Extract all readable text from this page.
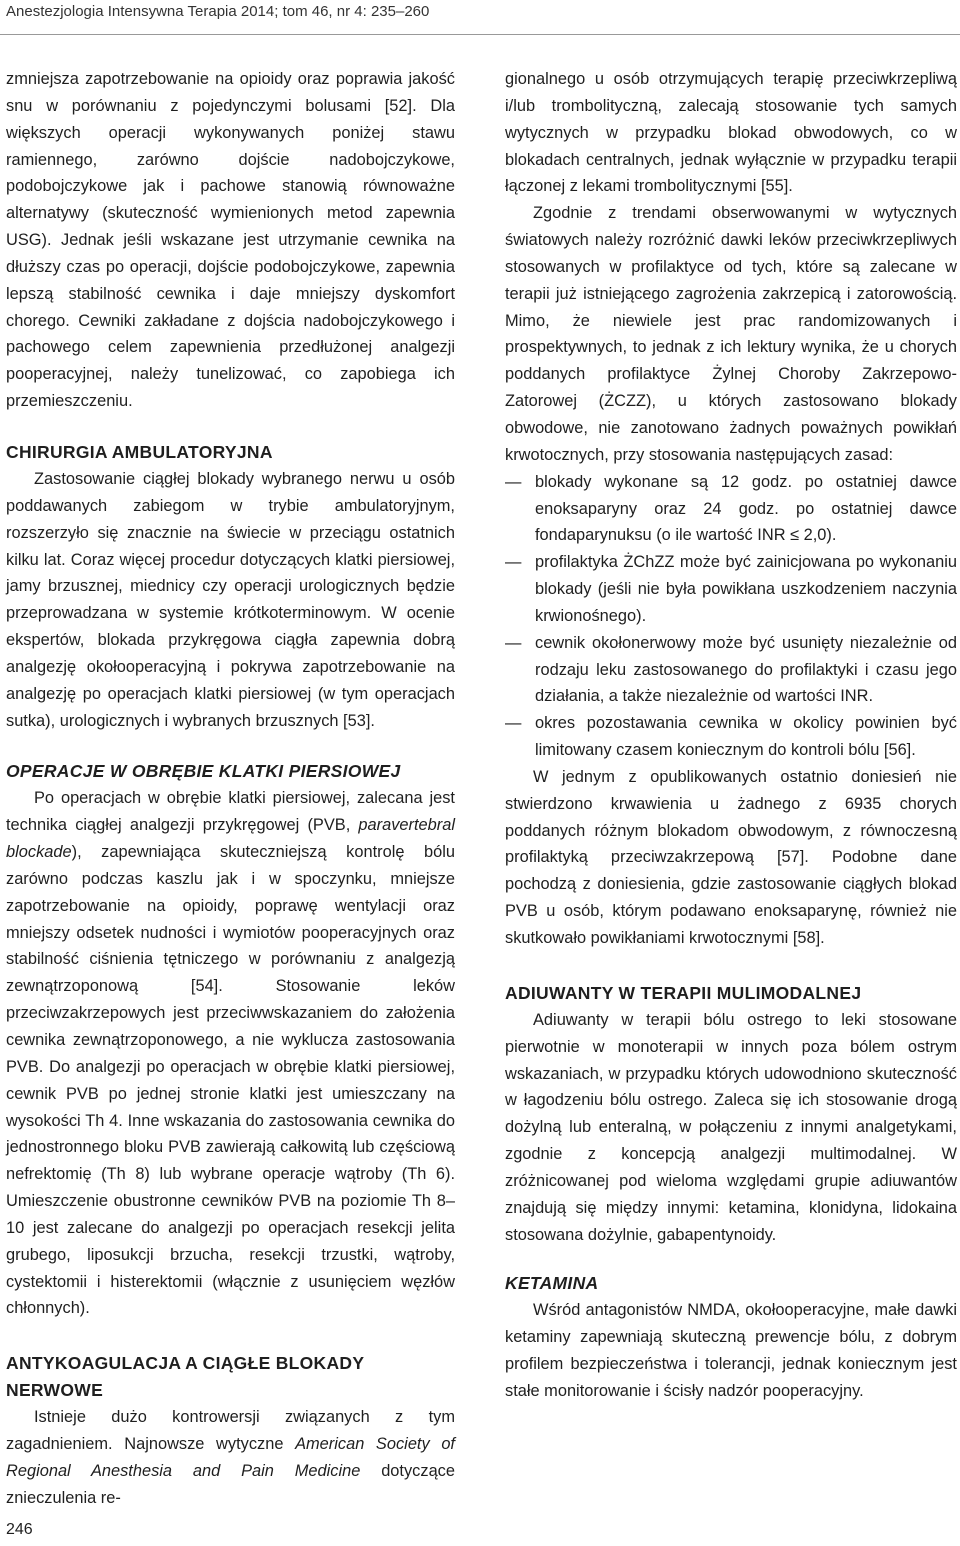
Anestezjologia Intensywna Terapia 2014; tom 46, nr 4: 235–260

zmniejsza zapotrzebowanie na opioidy oraz poprawia jakość snu w porównaniu z pojedynczymi bolusami [52]. Dla większych operacji wykonywanych poniżej stawu ramiennego, zarówno dojście nadobojczykowe, podobojczykowe jak i pachowe stanowią równoważne alternatywy (skuteczność wymienionych metod zapewnia USG). Jednak jeśli wskazane jest utrzymanie cewnika na dłuższy czas po operacji, dojście podobojczykowe, zapewnia lepszą stabilność cewnika i daje mniejszy dyskomfort chorego. Cewniki zakładane z dojścia nadobojczykowego i pachowego celem zapewnienia przedłużonej analgezji pooperacyjnej, należy tunelizować, co zapobiega ich przemieszczeniu.

CHIRURGIA AMBULATORYJNA

Zastosowanie ciągłej blokady wybranego nerwu u osób poddawanych zabiegom w trybie ambulatoryjnym, rozszerzyło się znacznie na świecie w przeciągu ostatnich kilku lat. Coraz więcej procedur dotyczących klatki piersiowej, jamy brzusznej, miednicy czy operacji urologicznych będzie przeprowadzana w systemie krótkoterminowym. W ocenie ekspertów, blokada przykręgowa ciągła zapewnia dobrą analgezję okołooperacyjną i pokrywa zapotrzebowanie na analgezję po operacjach klatki piersiowej (w tym operacjach sutka), urologicznych i wybranych brzusznych [53].

OPERACJE W OBRĘBIE KLATKI PIERSIOWEJ

Po operacjach w obrębie klatki piersiowej, zalecana jest technika ciągłej analgezji przykręgowej (PVB, paravertebral blockade), zapewniająca skuteczniejszą kontrolę bólu zarówno podczas kaszlu jak i w spoczynku, mniejsze zapotrzebowanie na opioidy, poprawę wentylacji oraz mniejszy odsetek nudności i wymiotów pooperacyjnych oraz stabilność ciśnienia tętniczego w porównaniu z analgezją zewnątrzoponową [54]. Stosowanie leków przeciwzakrzepowych jest przeciwwskazaniem do założenia cewnika zewnątrzoponowego, a nie wyklucza zastosowania PVB. Do analgezji po operacjach w obrębie klatki piersiowej, cewnik PVB po jednej stronie klatki jest umieszczany na wysokości Th 4. Inne wskazania do zastosowania cewnika do jednostronnego bloku PVB zawierają całkowitą lub częściową nefrektomię (Th 8) lub wybrane operacje wątroby (Th 6). Umieszczenie obustronne cewników PVB na poziomie Th 8–10 jest zalecane do analgezji po operacjach resekcji jelita grubego, liposukcji brzucha, resekcji trzustki, wątroby, cystektomii i histerektomii (włącznie z usunięciem węzłów chłonnych).

ANTYKOAGULACJA A CIĄGŁE BLOKADY NERWOWE

Istnieje dużo kontrowersji związanych z tym zagadnieniem. Najnowsze wytyczne American Society of Regional Anesthesia and Pain Medicine dotyczące znieczulenia re-

gionalnego u osób otrzymujących terapię przeciwkrzepliwą i/lub trombolityczną, zalecają stosowanie tych samych wytycznych w przypadku blokad obwodowych, co w blokadach centralnych, jednak wyłącznie w przypadku terapii łączonej z lekami trombolitycznymi [55].

Zgodnie z trendami obserwowanymi w wytycznych światowych należy rozróżnić dawki leków przeciwkrzepliwych stosowanych w profilaktyce od tych, które są zalecane w terapii już istniejącego zagrożenia zakrzepicą i zatorowością. Mimo, że niewiele jest prac randomizowanych i prospektywnych, to jednak z ich lektury wynika, że u chorych poddanych profilaktyce Żylnej Choroby Zakrzepowo-Zatorowej (ŻCZZ), u których zastosowano blokady obwodowe, nie zanotowano żadnych poważnych powikłań krwotocznych, przy stosowania następujących zasad:

— blokady wykonane są 12 godz. po ostatniej dawce enoksaparyny oraz 24 godz. po ostatniej dawce fondaparynuksu (o ile wartość INR ≤ 2,0).
— profilaktyka ŻChZZ może być zainicjowana po wykonaniu blokady (jeśli nie była powikłana uszkodzeniem naczynia krwionośnego).
— cewnik okołonerwowy może być usunięty niezależnie od rodzaju leku zastosowanego do profilaktyki i czasu jego działania, a także niezależnie od wartości INR.
— okres pozostawania cewnika w okolicy powinien być limitowany czasem koniecznym do kontroli bólu [56].

W jednym z opublikowanych ostatnio doniesień nie stwierdzono krwawienia u żadnego z 6935 chorych poddanych różnym blokadom obwodowym, z równoczesną profilaktyką przeciwzakrzepową [57]. Podobne dane pochodzą z doniesienia, gdzie zastosowanie ciągłych blokad PVB u osób, którym podawano enoksaparynę, również nie skutkowało powikłaniami krwotocznymi [58].

ADIUWANTY W TERAPII MULIMODALNEJ

Adiuwanty w terapii bólu ostrego to leki stosowane pierwotnie w monoterapii w innych poza bólem ostrym wskazaniach, w przypadku których udowodniono skuteczność w łagodzeniu bólu ostrego. Zaleca się ich stosowanie drogą dożylną lub enteralną, w połączeniu z innymi analgetykami, zgodnie z koncepcją analgezji multimodalnej. W zróżnicowanej pod wieloma względami grupie adiuwantów znajdują się między innymi: ketamina, klonidyna, lidokaina stosowana dożylnie, gabapentynoidy.

KETAMINA

Wśród antagonistów NMDA, okołooperacyjne, małe dawki ketaminy zapewniają skuteczną prewencje bólu, z dobrym profilem bezpieczeństwa i tolerancji, jednak koniecznym jest stałe monitorowanie i ścisły nadzór pooperacyjny.

246
